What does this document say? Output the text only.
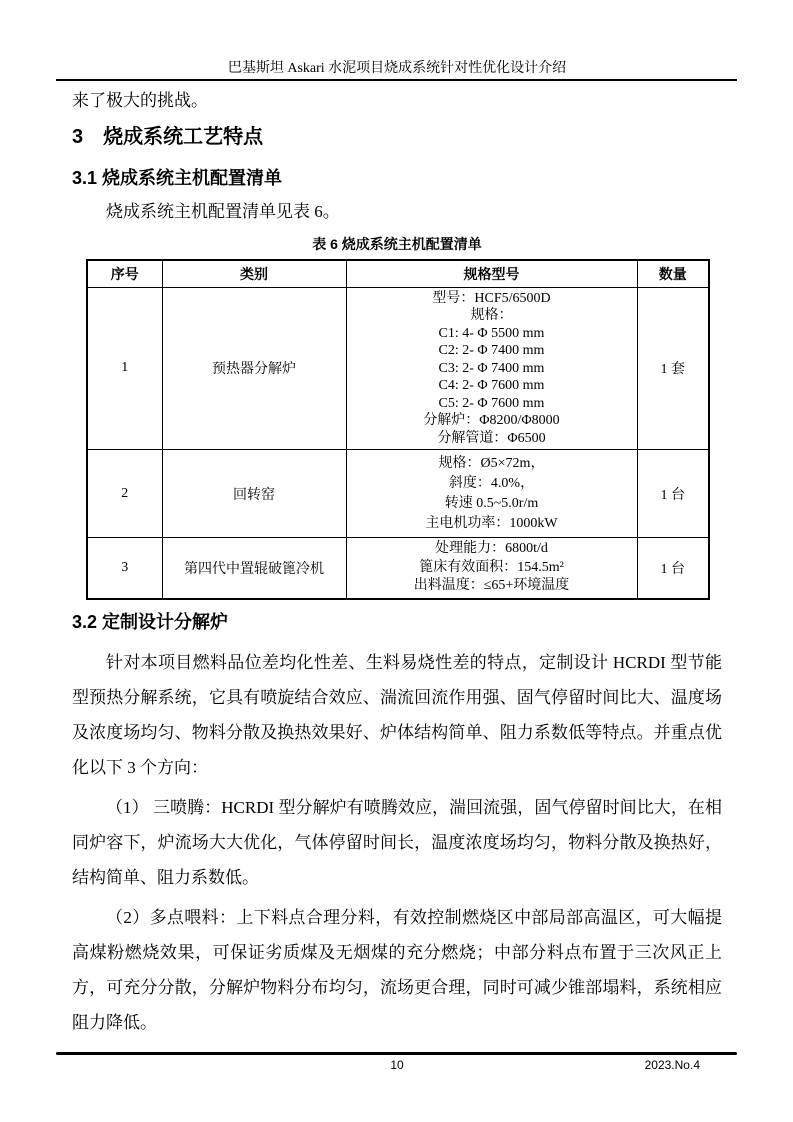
巴基斯坦 Askari 水泥项目烧成系统针对性优化设计介绍

来了极大的挑战。

3　烧成系统工艺特点
3.1 烧成系统主机配置清单

烧成系统主机配置清单见表 6。

表 6 烧成系统主机配置清单
序号	类别	规格型号	数量
1	预热器分解炉	
型号：HCF5/6500D
规格：
C1: 4- Φ 5500 mm
C2: 2- Φ 7400 mm
C3: 2- Φ 7400 mm
C4: 2- Φ 7600 mm
C5: 2- Φ 7600 mm
分解炉：Φ8200/Φ8000
分解管道：Φ6500
	1 套
2	回转窑	规格：Ø5×72m，
斜度：4.0%，
转速 0.5~5.0r/m
主电机功率：1000kW	1 台
3	第四代中置辊破篦冷机	处理能力：6800t/d
篦床有效面积：154.5m²
出料温度：≤65+环境温度	1 台
3.2 定制设计分解炉

针对本项目燃料品位差均化性差、生料易烧性差的特点，定制设计 HCRDI 型节能型预热分解系统，它具有喷旋结合效应、湍流回流作用强、固气停留时间比大、温度场及浓度场均匀、物料分散及换热效果好、炉体结构简单、阻力系数低等特点。并重点优化以下 3 个方向：

（1） 三喷腾：HCRDI 型分解炉有喷腾效应，湍回流强，固气停留时间比大，在相同炉容下，炉流场大大优化，气体停留时间长，温度浓度场均匀，物料分散及换热好，结构简单、阻力系数低。

（2）多点喂料：上下料点合理分料，有效控制燃烧区中部局部高温区，可大幅提高煤粉燃烧效果，可保证劣质煤及无烟煤的充分燃烧；中部分料点布置于三次风正上方，可充分分散，分解炉物料分布均匀，流场更合理，同时可减少锥部塌料，系统相应阻力降低。

10	2023.No.4
